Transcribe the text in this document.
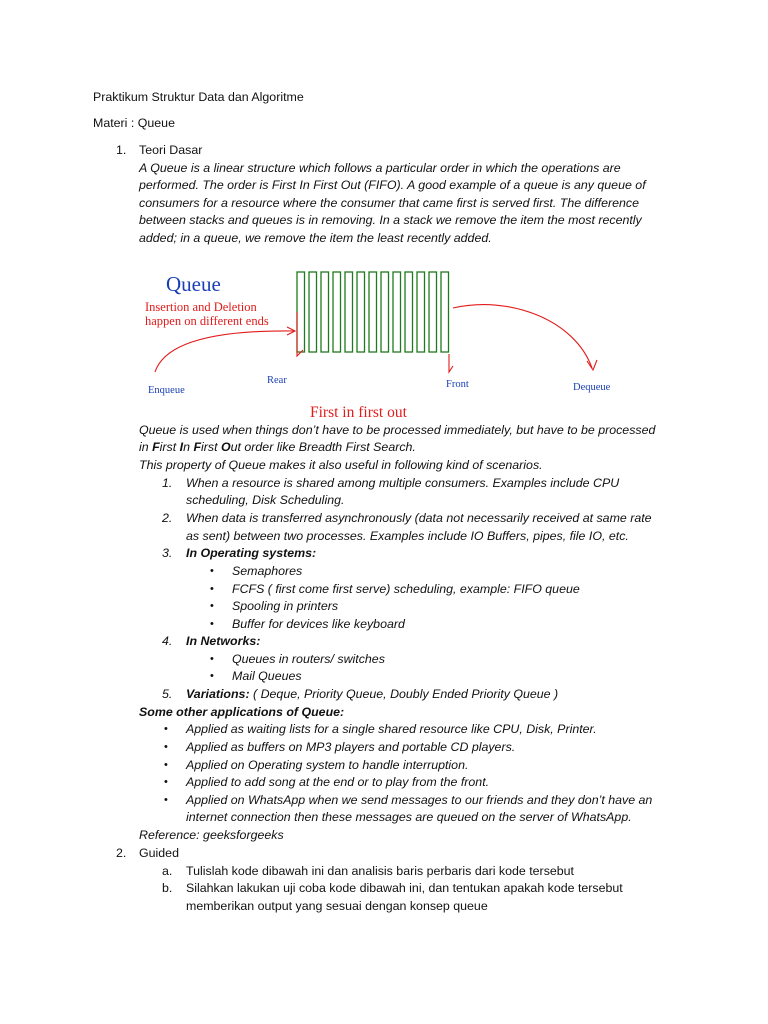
Praktikum Struktur Data dan Algoritme
Materi : Queue
1. Teori Dasar
A Queue is a linear structure which follows a particular order in which the operations are
performed. The order is First In First Out (FIFO). A good example of a queue is any queue of
consumers for a resource where the consumer that came first is served first. The difference
between stacks and queues is in removing. In a stack we remove the item the most recently
added; in a queue, we remove the item the least recently added.
Queue
Insertion and Deletion
happen on different ends
Enqueue
Rear	Front	Dequeue
First in first out
Queue is used when things don’t have to be processed immediately, but have to be processed
in First In First Out order like Breadth First Search.
This property of Queue makes it also useful in following kind of scenarios.
1. When a resource is shared among multiple consumers. Examples include CPU
scheduling, Disk Scheduling.
2. When data is transferred asynchronously (data not necessarily received at same rate
as sent) between two processes. Examples include IO Buffers, pipes, file IO, etc.
3. In Operating systems:
• Semaphores
• FCFS ( first come first serve) scheduling, example: FIFO queue
• Spooling in printers
• Buffer for devices like keyboard
4. In Networks:
• Queues in routers/ switches
• Mail Queues
5. Variations: ( Deque, Priority Queue, Doubly Ended Priority Queue )
Some other applications of Queue:
• Applied as waiting lists for a single shared resource like CPU, Disk, Printer.
• Applied as buffers on MP3 players and portable CD players.
• Applied on Operating system to handle interruption.
• Applied to add song at the end or to play from the front.
• Applied on WhatsApp when we send messages to our friends and they don’t have an
internet connection then these messages are queued on the server of WhatsApp.
Reference: geeksforgeeks
2. Guided
a. Tulislah kode dibawah ini dan analisis baris perbaris dari kode tersebut
b. Silahkan lakukan uji coba kode dibawah ini, dan tentukan apakah kode tersebut
memberikan output yang sesuai dengan konsep queue
